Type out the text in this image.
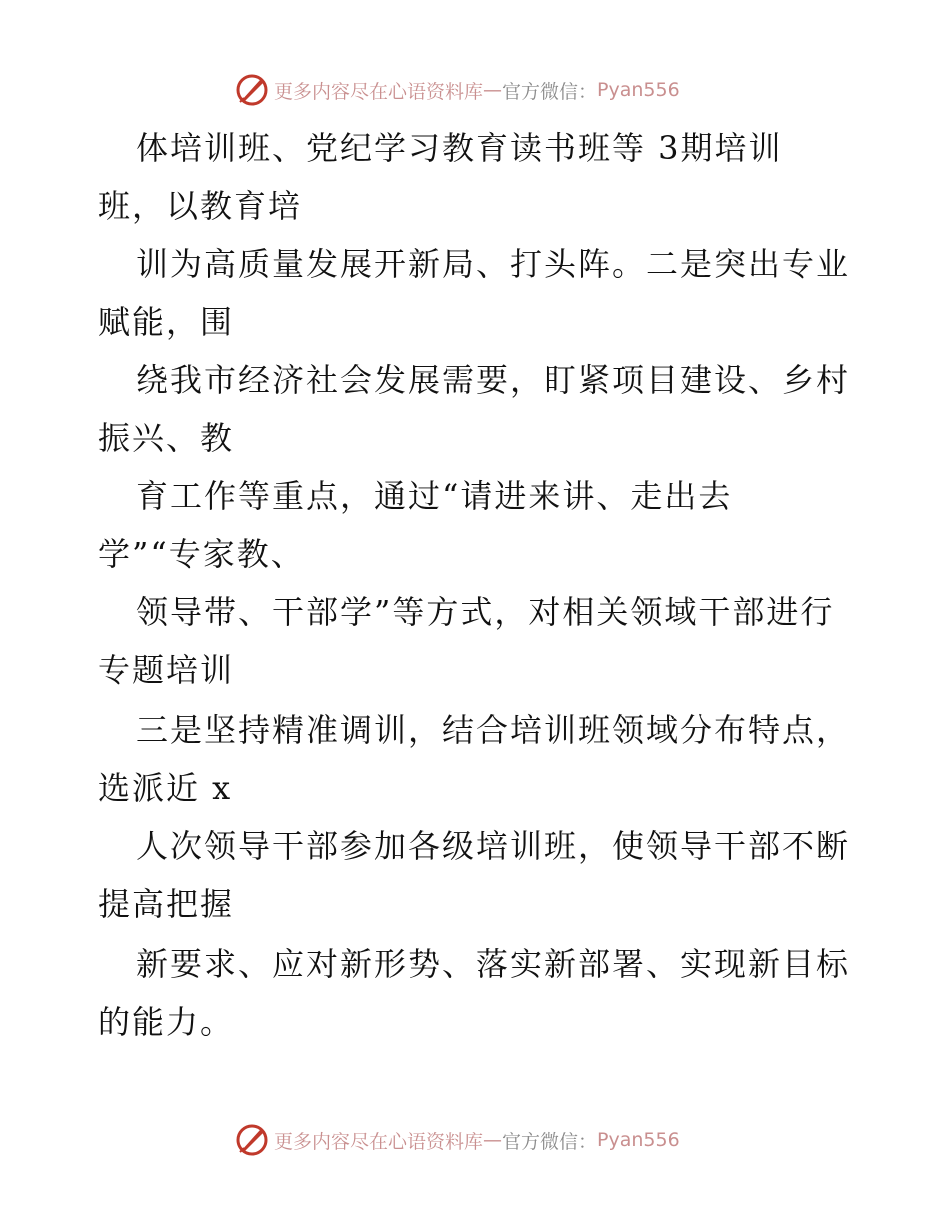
更多内容尽在心语资料库 — 官方微信： Pyan556
体培训班、党纪学习教育读书班等 3期培训
班，以教育培
训为高质量发展开新局、打头阵。二是突出专业
赋能，围
绕我市经济社会发展需要，盯紧项目建设、乡村
振兴、教
育工作等重点，通过“请进来讲、走出去
学”“专家教、
领导带、干部学”等方式，对相关领域干部进行
专题培训
三是坚持精准调训，结合培训班领域分布特点，
选派近 x
人次领导干部参加各级培训班，使领导干部不断
提高把握
新要求、应对新形势、落实新部署、实现新目标
的能力。
更多内容尽在心语资料库 — 官方微信： Pyan556
